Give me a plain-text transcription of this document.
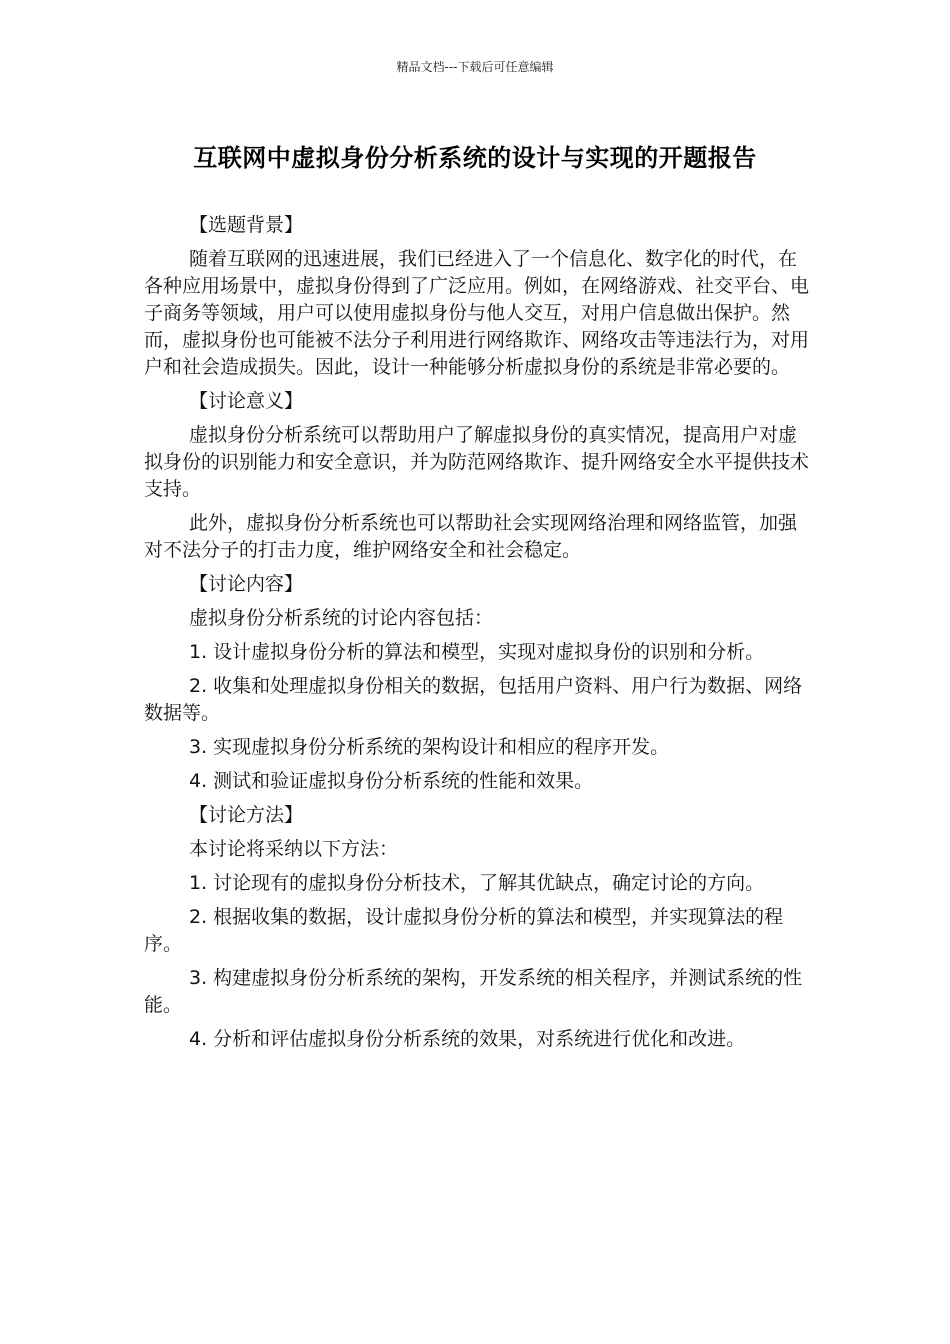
精品文档---下载后可任意编辑
互联网中虚拟身份分析系统的设计与实现的开题报告

【选题背景】

随着互联网的迅速进展，我们已经进入了一个信息化、数字化的时代，在各种应用场景中，虚拟身份得到了广泛应用。例如，在网络游戏、社交平台、电子商务等领域，用户可以使用虚拟身份与他人交互，对用户信息做出保护。然而，虚拟身份也可能被不法分子利用进行网络欺诈、网络攻击等违法行为，对用户和社会造成损失。因此，设计一种能够分析虚拟身份的系统是非常必要的。

【讨论意义】

虚拟身份分析系统可以帮助用户了解虚拟身份的真实情况，提高用户对虚拟身份的识别能力和安全意识，并为防范网络欺诈、提升网络安全水平提供技术支持。

此外，虚拟身份分析系统也可以帮助社会实现网络治理和网络监管，加强对不法分子的打击力度，维护网络安全和社会稳定。

【讨论内容】

虚拟身份分析系统的讨论内容包括：

1. 设计虚拟身份分析的算法和模型，实现对虚拟身份的识别和分析。

2. 收集和处理虚拟身份相关的数据，包括用户资料、用户行为数据、网络数据等。

3. 实现虚拟身份分析系统的架构设计和相应的程序开发。

4. 测试和验证虚拟身份分析系统的性能和效果。

【讨论方法】

本讨论将采纳以下方法：

1. 讨论现有的虚拟身份分析技术，了解其优缺点，确定讨论的方向。

2. 根据收集的数据，设计虚拟身份分析的算法和模型，并实现算法的程序。

3. 构建虚拟身份分析系统的架构，开发系统的相关程序，并测试系统的性能。

4. 分析和评估虚拟身份分析系统的效果，对系统进行优化和改进。
